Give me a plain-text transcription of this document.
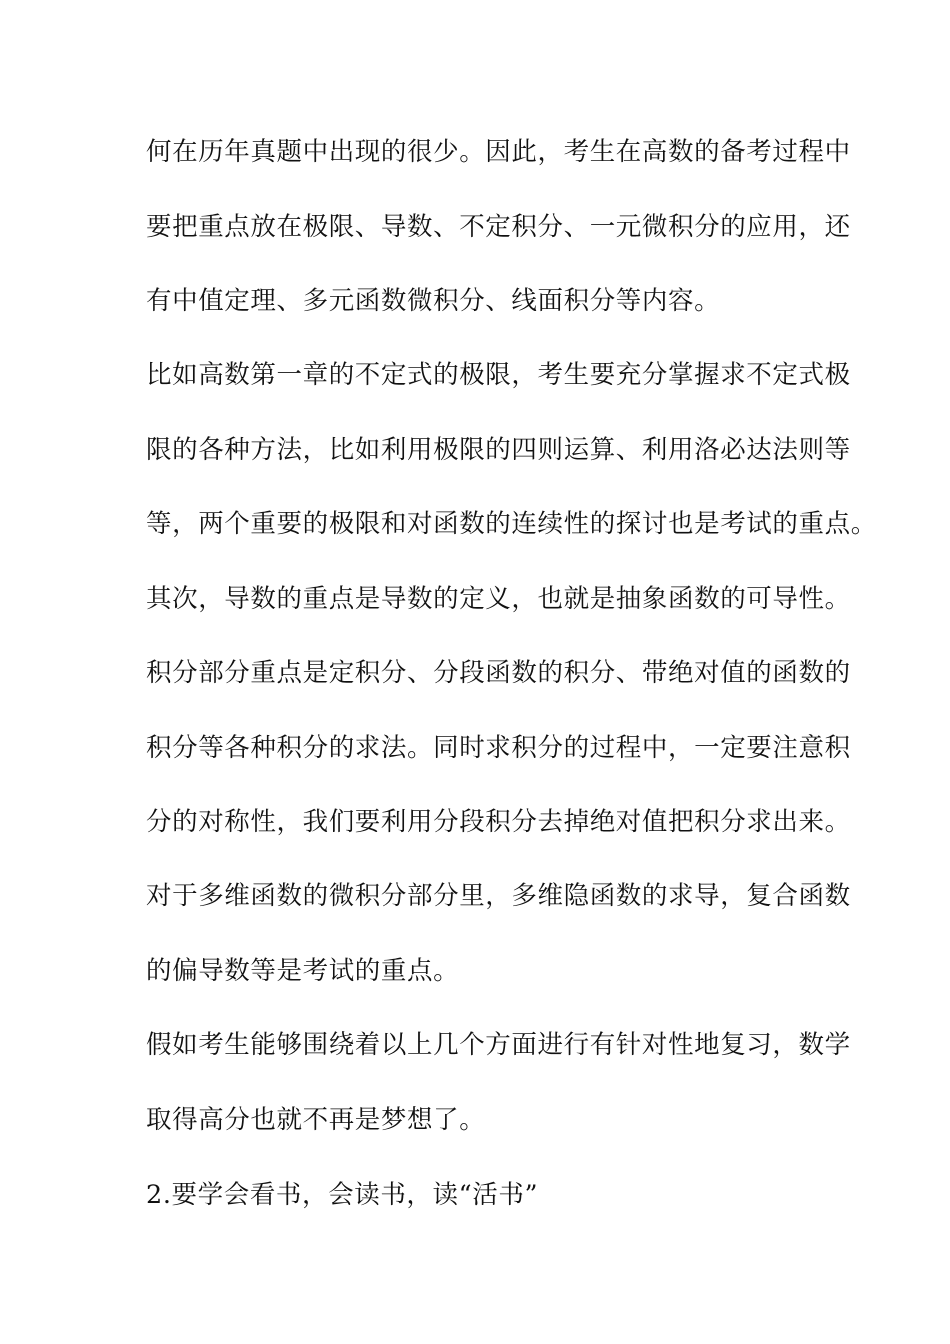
何在历年真题中出现的很少。因此，考生在高数的备考过程中
要把重点放在极限、导数、不定积分、一元微积分的应用，还
有中值定理、多元函数微积分、线面积分等内容。
比如高数第一章的不定式的极限，考生要充分掌握求不定式极
限的各种方法，比如利用极限的四则运算、利用洛必达法则等
等，两个重要的极限和对函数的连续性的探讨也是考试的重点。
其次，导数的重点是导数的定义，也就是抽象函数的可导性。
积分部分重点是定积分、分段函数的积分、带绝对值的函数的
积分等各种积分的求法。同时求积分的过程中，一定要注意积
分的对称性，我们要利用分段积分去掉绝对值把积分求出来。
对于多维函数的微积分部分里，多维隐函数的求导，复合函数
的偏导数等是考试的重点。
假如考生能够围绕着以上几个方面进行有针对性地复习，数学
取得高分也就不再是梦想了。
2.要学会看书，会读书，读“活书”
